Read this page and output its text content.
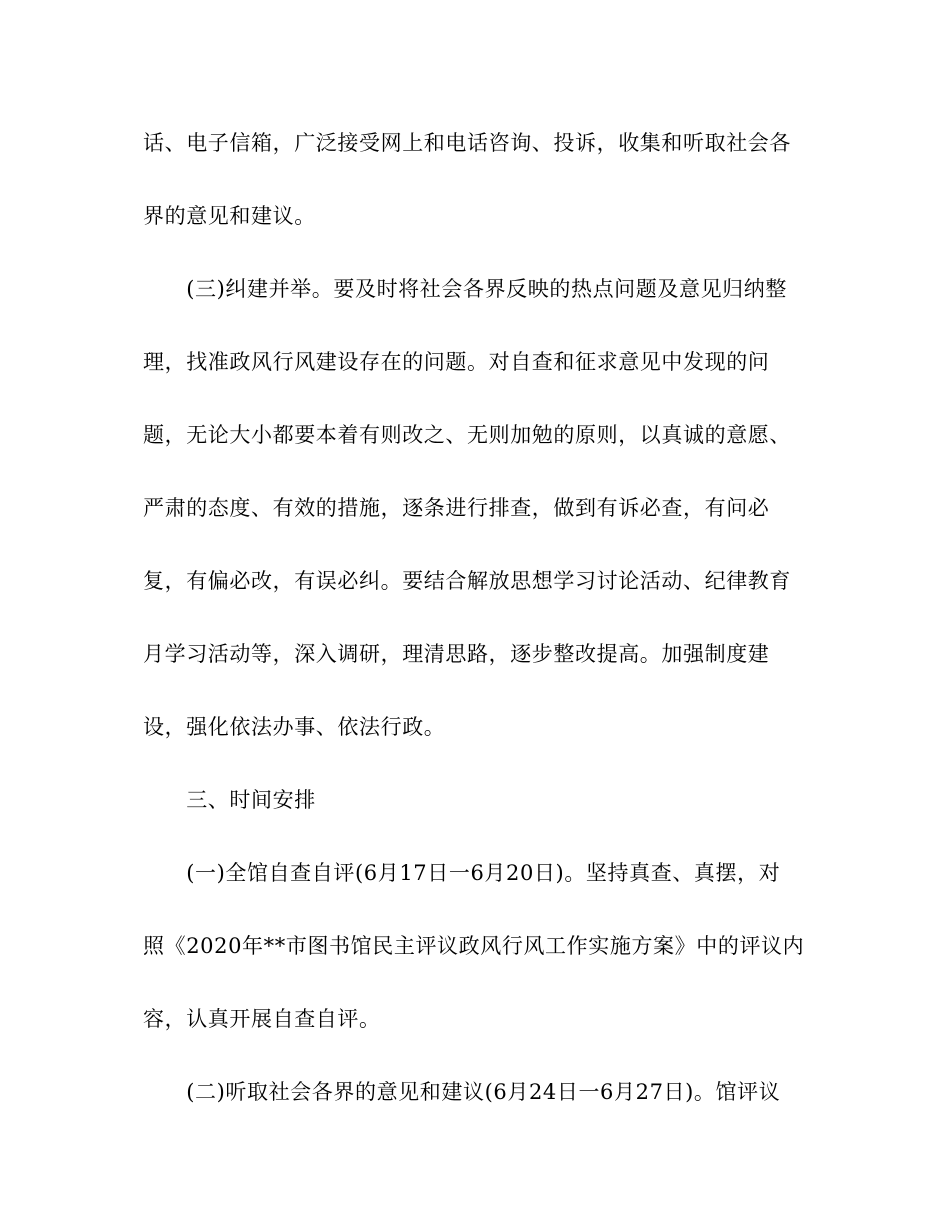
话、电子信箱，广泛接受网上和电话咨询、投诉，收集和听取社会各
界的意见和建议。
　　(三)纠建并举。要及时将社会各界反映的热点问题及意见归纳整
理，找准政风行风建设存在的问题。对自查和征求意见中发现的问
题，无论大小都要本着有则改之、无则加勉的原则，以真诚的意愿、
严肃的态度、有效的措施，逐条进行排查，做到有诉必查，有问必
复，有偏必改，有误必纠。要结合解放思想学习讨论活动、纪律教育
月学习活动等，深入调研，理清思路，逐步整改提高。加强制度建
设，强化依法办事、依法行政。
　　三、时间安排
　　(一)全馆自查自评(6月17日一6月20日)。坚持真查、真摆，对
照《2020年**市图书馆民主评议政风行风工作实施方案》中的评议内
容，认真开展自查自评。
　　(二)听取社会各界的意见和建议(6月24日一6月27日)。馆评议
